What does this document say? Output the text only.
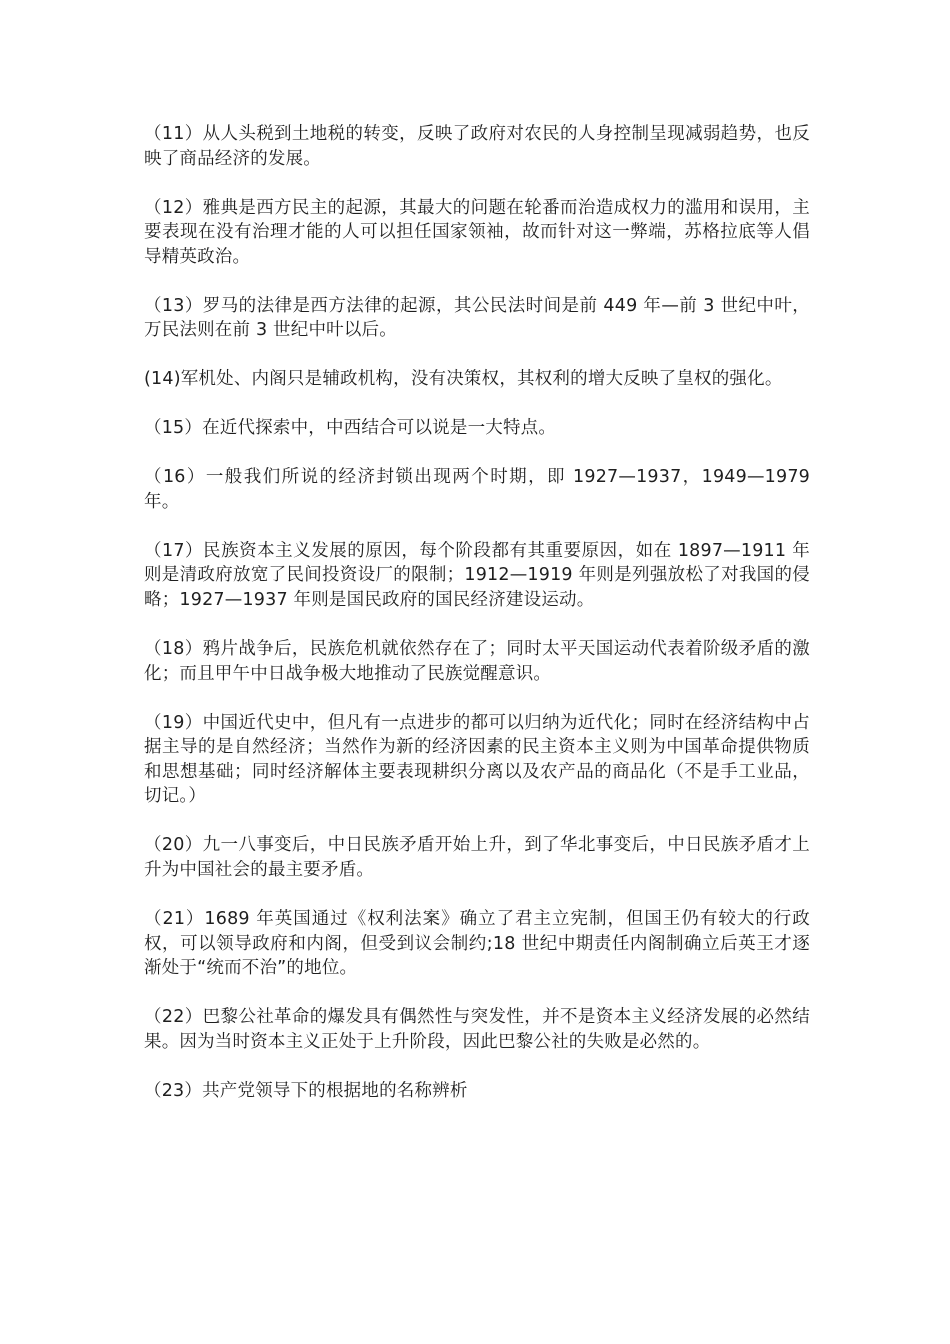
（11）从人头税到土地税的转变，反映了政府对农民的人身控制呈现减弱趋势，也反映了商品经济的发展。

（12）雅典是西方民主的起源，其最大的问题在轮番而治造成权力的滥用和误用，主要表现在没有治理才能的人可以担任国家领袖，故而针对这一弊端，苏格拉底等人倡导精英政治。

（13）罗马的法律是西方法律的起源，其公民法时间是前 449 年—前 3 世纪中叶，万民法则在前 3 世纪中叶以后。

(14)军机处、内阁只是辅政机构，没有决策权，其权利的增大反映了皇权的强化。

（15）在近代探索中，中西结合可以说是一大特点。

（16）一般我们所说的经济封锁出现两个时期，即 1927—1937，1949—1979 年。

（17）民族资本主义发展的原因，每个阶段都有其重要原因，如在 1897—1911 年则是清政府放宽了民间投资设厂的限制；1912—1919 年则是列强放松了对我国的侵略；1927—1937 年则是国民政府的国民经济建设运动。

（18）鸦片战争后，民族危机就依然存在了；同时太平天国运动代表着阶级矛盾的激化；而且甲午中日战争极大地推动了民族觉醒意识。

（19）中国近代史中，但凡有一点进步的都可以归纳为近代化；同时在经济结构中占据主导的是自然经济；当然作为新的经济因素的民主资本主义则为中国革命提供物质和思想基础；同时经济解体主要表现耕织分离以及农产品的商品化（不是手工业品，切记。）

（20）九一八事变后，中日民族矛盾开始上升，到了华北事变后，中日民族矛盾才上升为中国社会的最主要矛盾。

（21）1689 年英国通过《权利法案》确立了君主立宪制，但国王仍有较大的行政权，可以领导政府和内阁，但受到议会制约;18 世纪中期责任内阁制确立后英王才逐渐处于“统而不治”的地位。

（22）巴黎公社革命的爆发具有偶然性与突发性，并不是资本主义经济发展的必然结果。因为当时资本主义正处于上升阶段，因此巴黎公社的失败是必然的。

（23）共产党领导下的根据地的名称辨析
